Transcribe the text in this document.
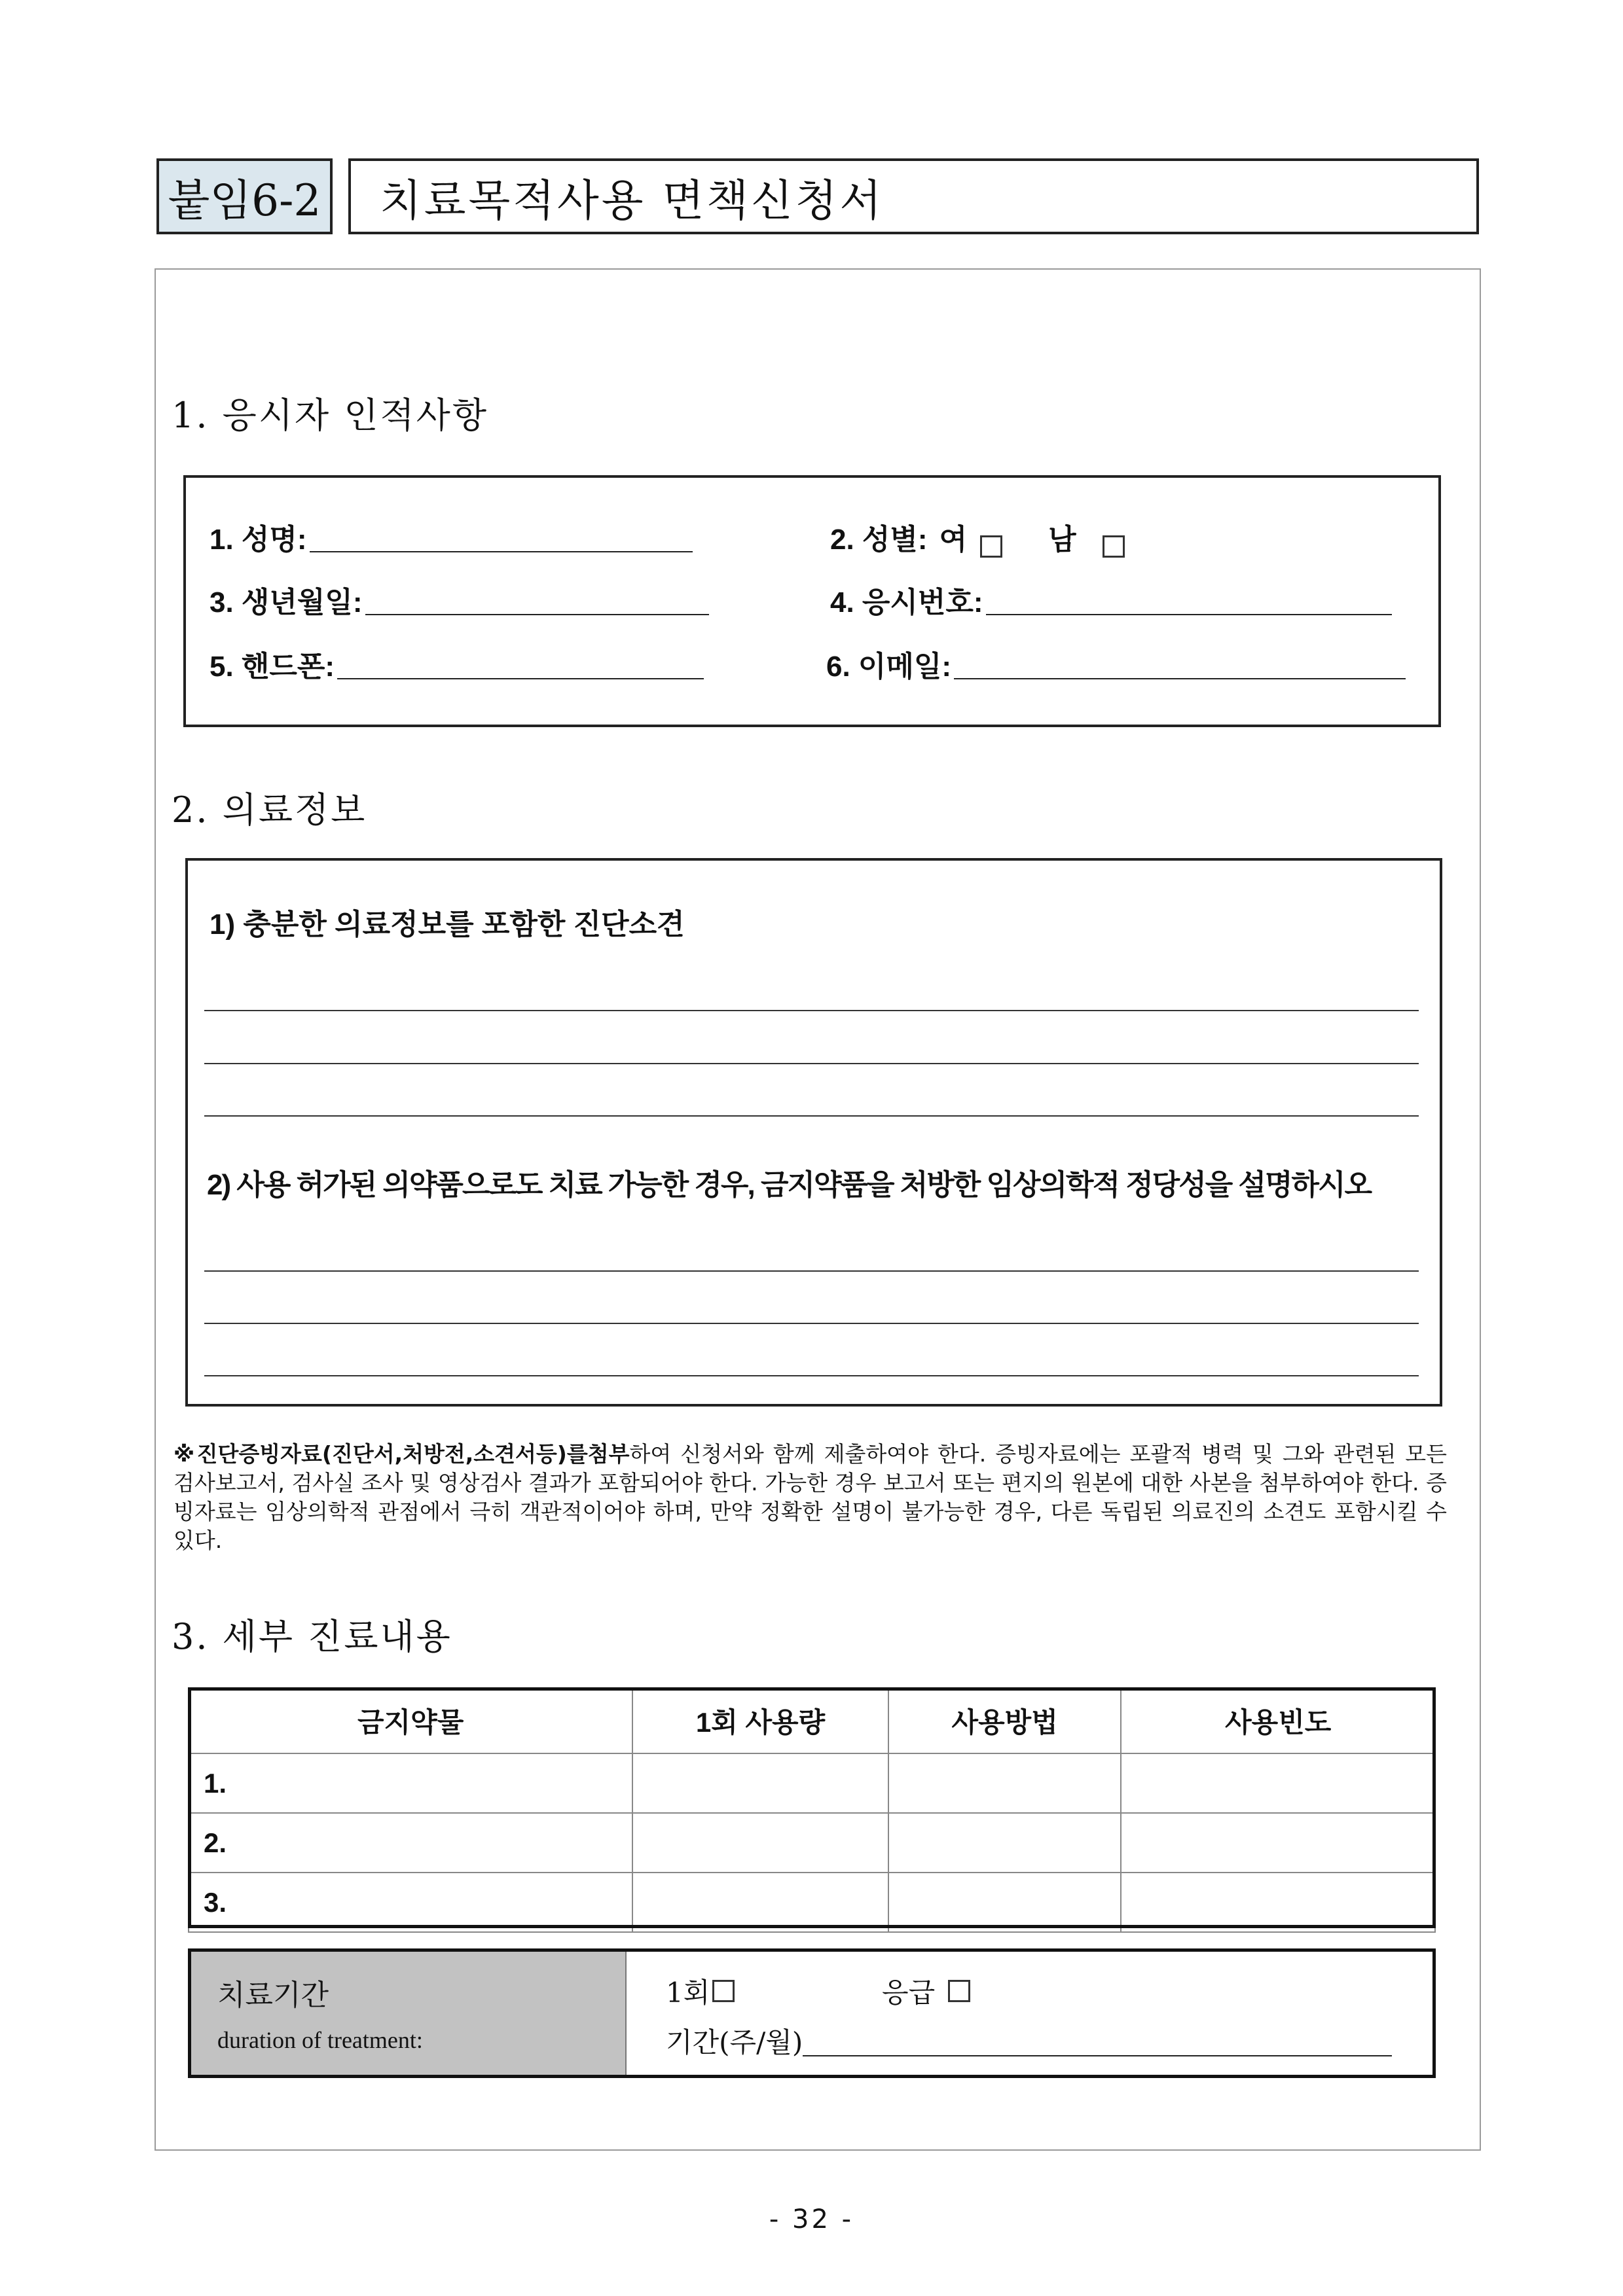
붙임6-2 치료목적사용 면책신청서
1. 응시자 인적사항
1. 성명:	2. 성별: 여	남
3. 생년월일:	4. 응시번호:
5. 핸드폰:	6. 이메일:
2. 의료정보
1) 충분한 의료정보를 포함한 진단소견
2) 사용 허가된 의약품으로도 치료 가능한 경우, 금지약품을 처방한 임상의학적 정당성을 설명하시오
※진단증빙자료(진단서,처방전,소견서등)를첨부하여 신청서와 함께 제출하여야 한다. 증빙자료에는 포괄적 병력 및 그와 관련된 모든 검사보고서, 검사실 조사 및 영상검사 결과가 포함되어야 한다. 가능한 경우 보고서 또는 편지의 원본에 대한 사본을 첨부하여야 한다. 증빙자료는 임상의학적 관점에서 극히 객관적이어야 하며, 만약 정확한 설명이 불가능한 경우, 다른 독립된 의료진의 소견도 포함시킬 수 있다.
3. 세부 진료내용
금지약물	1회 사용량	사용방법	사용빈도
1.			
2.			
3.			
치료기간
duration of treatment:
1회	응급
기간(주/월)
- 32 -
